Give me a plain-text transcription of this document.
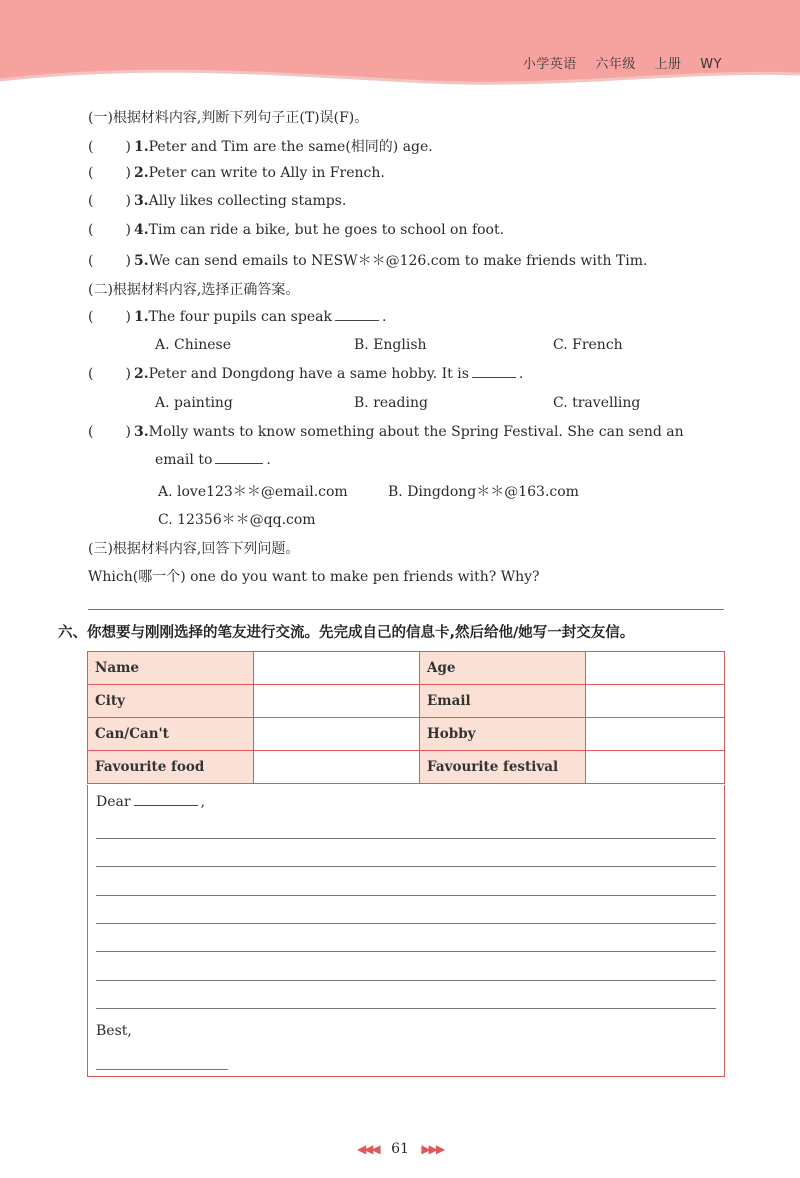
小学英语 六年级 上册 WY
(一)根据材料内容,判断下列句子正(T)误(F)。
( ) 1.Peter and Tim are the same(相同的) age.
( ) 2.Peter can write to Ally in French.
( ) 3.Ally likes collecting stamps.
( ) 4.Tim can ride a bike, but he goes to school on foot.
( ) 5.We can send emails to NESW＊＊@126.com to make friends with Tim.
(二)根据材料内容,选择正确答案。
( ) 1.The four pupils can speak	.
A. Chinese	B. English	C. French
( ) 2.Peter and Dongdong have a same hobby. It is	.
A. painting	B. reading	C. travelling
( ) 3.Molly wants to know something about the Spring Festival. She can send an
email to	.
A. love123＊＊@email.com	B. Dingdong＊＊@163.com
C. 12356＊＊@qq.com
(三)根据材料内容,回答下列问题。
Which(哪一个) one do you want to make pen friends with? Why?
六、你想要与刚刚选择的笔友进行交流。先完成自己的信息卡,然后给他/她写一封交友信。
Name		Age	
City		Email	
Can/Can't		Hobby	
Favourite food		Favourite festival	
Dear	,
Best,
◀◀◀ 61 ▶▶▶
